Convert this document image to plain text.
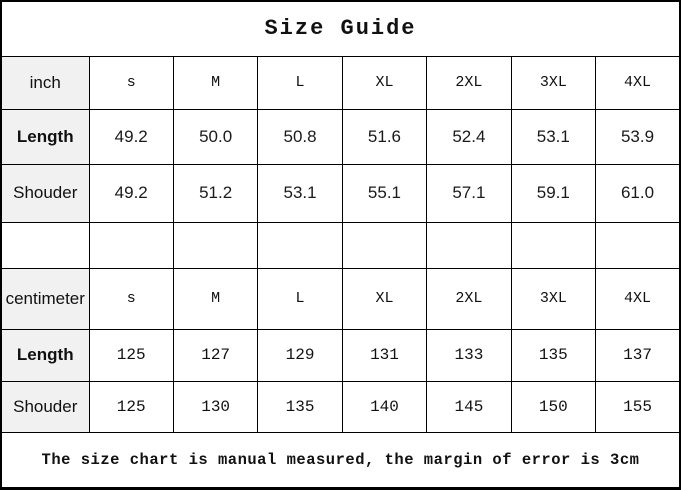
Size Guide							
inch	s	M	L	XL	2XL	3XL	4XL
Length	49.2	50.0	50.8	51.6	52.4	53.1	53.9
Shouder	49.2	51.2	53.1	55.1	57.1	59.1	61.0

centimeter	s	M	L	XL	2XL	3XL	4XL
Length	125	127	129	131	133	135	137
Shouder	125	130	135	140	145	150	155
The size chart is manual measured, the margin of error is 3cm							
